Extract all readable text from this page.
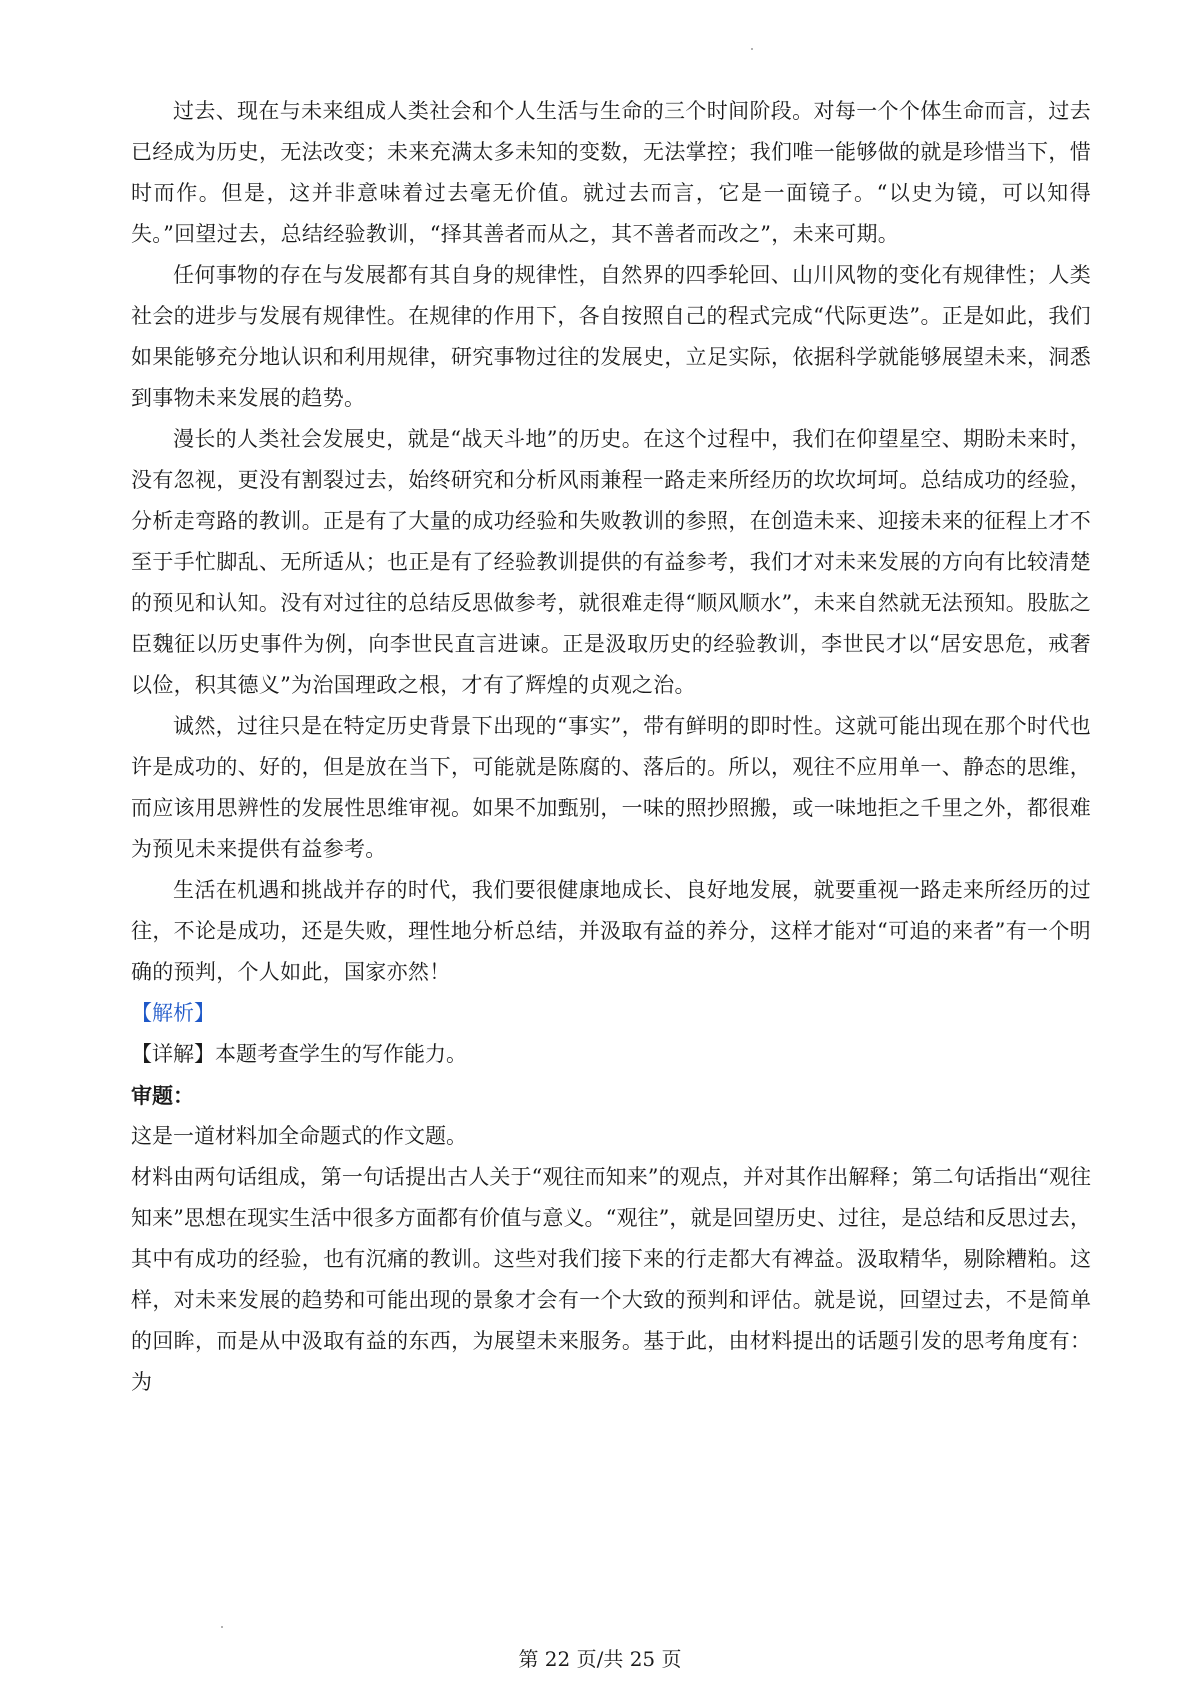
过去、现在与未来组成人类社会和个人生活与生命的三个时间阶段。对每一个个体生命而言，过去已经成为历史，无法改变；未来充满太多未知的变数，无法掌控；我们唯一能够做的就是珍惜当下，惜时而作。但是，这并非意味着过去毫无价值。就过去而言，它是一面镜子。“以史为镜，可以知得失。”回望过去，总结经验教训，“择其善者而从之，其不善者而改之”，未来可期。

任何事物的存在与发展都有其自身的规律性，自然界的四季轮回、山川风物的变化有规律性；人类社会的进步与发展有规律性。在规律的作用下，各自按照自己的程式完成“代际更迭”。正是如此，我们如果能够充分地认识和利用规律，研究事物过往的发展史，立足实际，依据科学就能够展望未来，洞悉到事物未来发展的趋势。

漫长的人类社会发展史，就是“战天斗地”的历史。在这个过程中，我们在仰望星空、期盼未来时，没有忽视，更没有割裂过去，始终研究和分析风雨兼程一路走来所经历的坎坎坷坷。总结成功的经验，分析走弯路的教训。正是有了大量的成功经验和失败教训的参照，在创造未来、迎接未来的征程上才不至于手忙脚乱、无所适从；也正是有了经验教训提供的有益参考，我们才对未来发展的方向有比较清楚的预见和认知。没有对过往的总结反思做参考，就很难走得“顺风顺水”，未来自然就无法预知。股肱之臣魏征以历史事件为例，向李世民直言进谏。正是汲取历史的经验教训，李世民才以“居安思危，戒奢以俭，积其德义”为治国理政之根，才有了辉煌的贞观之治。

诚然，过往只是在特定历史背景下出现的“事实”，带有鲜明的即时性。这就可能出现在那个时代也许是成功的、好的，但是放在当下，可能就是陈腐的、落后的。所以，观往不应用单一、静态的思维，而应该用思辨性的发展性思维审视。如果不加甄别，一味的照抄照搬，或一味地拒之千里之外，都很难为预见未来提供有益参考。

生活在机遇和挑战并存的时代，我们要很健康地成长、良好地发展，就要重视一路走来所经历的过往，不论是成功，还是失败，理性地分析总结，并汲取有益的养分，这样才能对“可追的来者”有一个明确的预判，个人如此，国家亦然！

【解析】

【详解】本题考查学生的写作能力。

审题：

这是一道材料加全命题式的作文题。

材料由两句话组成，第一句话提出古人关于“观往而知来”的观点，并对其作出解释；第二句话指出“观往知来”思想在现实生活中很多方面都有价值与意义。“观往”，就是回望历史、过往，是总结和反思过去，其中有成功的经验，也有沉痛的教训。这些对我们接下来的行走都大有裨益。汲取精华，剔除糟粕。这样，对未来发展的趋势和可能出现的景象才会有一个大致的预判和评估。就是说，回望过去，不是简单的回眸，而是从中汲取有益的东西，为展望未来服务。基于此，由材料提出的话题引发的思考角度有：为

第 22 页/共 25 页
